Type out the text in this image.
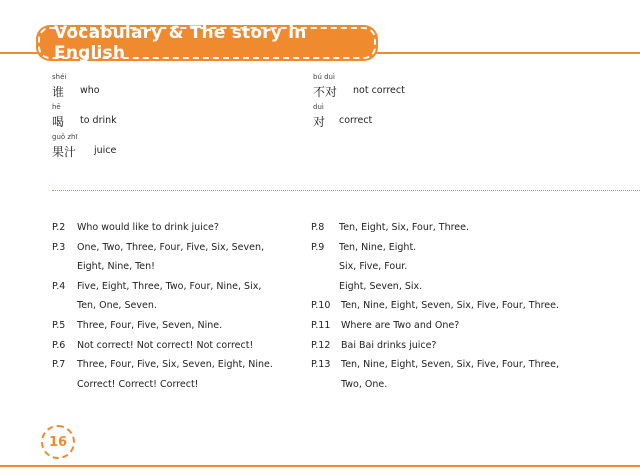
Vocabulary & The story in English
shéi
谁 who
hē
喝 to drink
guǒ zhī
果汁 juice
bú duì
不对 not correct
duì
对 correct
P.2 Who would like to drink juice?
P.3 One, Two, Three, Four, Five, Six, Seven,
Eight, Nine, Ten!
P.4 Five, Eight, Three, Two, Four, Nine, Six,
Ten, One, Seven.
P.5 Three, Four, Five, Seven, Nine.
P.6 Not correct! Not correct! Not correct!
P.7 Three, Four, Five, Six, Seven, Eight, Nine.
Correct! Correct! Correct!
P.8 Ten, Eight, Six, Four, Three.
P.9 Ten, Nine, Eight.
Six, Five, Four.
Eight, Seven, Six.
P.10 Ten, Nine, Eight, Seven, Six, Five, Four, Three.
P.11 Where are Two and One?
P.12 Bai Bai drinks juice?
P.13 Ten, Nine, Eight, Seven, Six, Five, Four, Three,
Two, One.
16
